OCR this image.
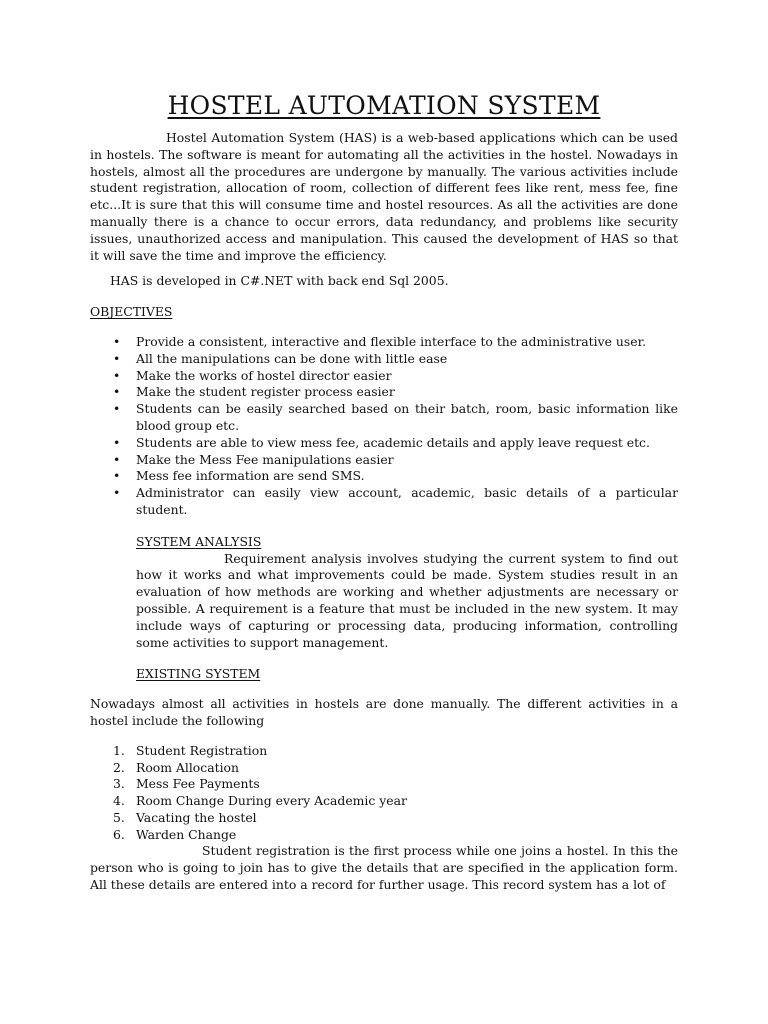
HOSTEL AUTOMATION SYSTEM

Hostel Automation System (HAS) is a web-based applications which can be used in hostels. The software is meant for automating all the activities in the hostel. Nowadays in hostels, almost all the procedures are undergone by manually. The various activities include student registration, allocation of room, collection of different fees like rent, mess fee, fine etc...It is sure that this will consume time and hostel resources. As all the activities are done manually there is a chance to occur errors, data redundancy, and problems like security issues, unauthorized access and manipulation. This caused the development of HAS so that it will save the time and improve the efficiency.

HAS is developed in C#.NET with back end Sql 2005.

OBJECTIVES

• Provide a consistent, interactive and flexible interface to the administrative user.
• All the manipulations can be done with little ease
• Make the works of hostel director easier
• Make the student register process easier
• Students can be easily searched based on their batch, room, basic information like blood group etc.
• Students are able to view mess fee, academic details and apply leave request etc.
• Make the Mess Fee manipulations easier
• Mess fee information are send SMS.
• Administrator can easily view account, academic, basic details of a particular student.

SYSTEM ANALYSIS

Requirement analysis involves studying the current system to find out how it works and what improvements could be made. System studies result in an evaluation of how methods are working and whether adjustments are necessary or possible. A requirement is a feature that must be included in the new system. It may include ways of capturing or processing data, producing information, controlling some activities to support management.

EXISTING SYSTEM

Nowadays almost all activities in hostels are done manually. The different activities in a hostel include the following

1. Student Registration
2. Room Allocation
3. Mess Fee Payments
4. Room Change During every Academic year
5. Vacating the hostel
6. Warden Change

Student registration is the first process while one joins a hostel. In this the person who is going to join has to give the details that are specified in the application form. All these details are entered into a record for further usage. This record system has a lot of
